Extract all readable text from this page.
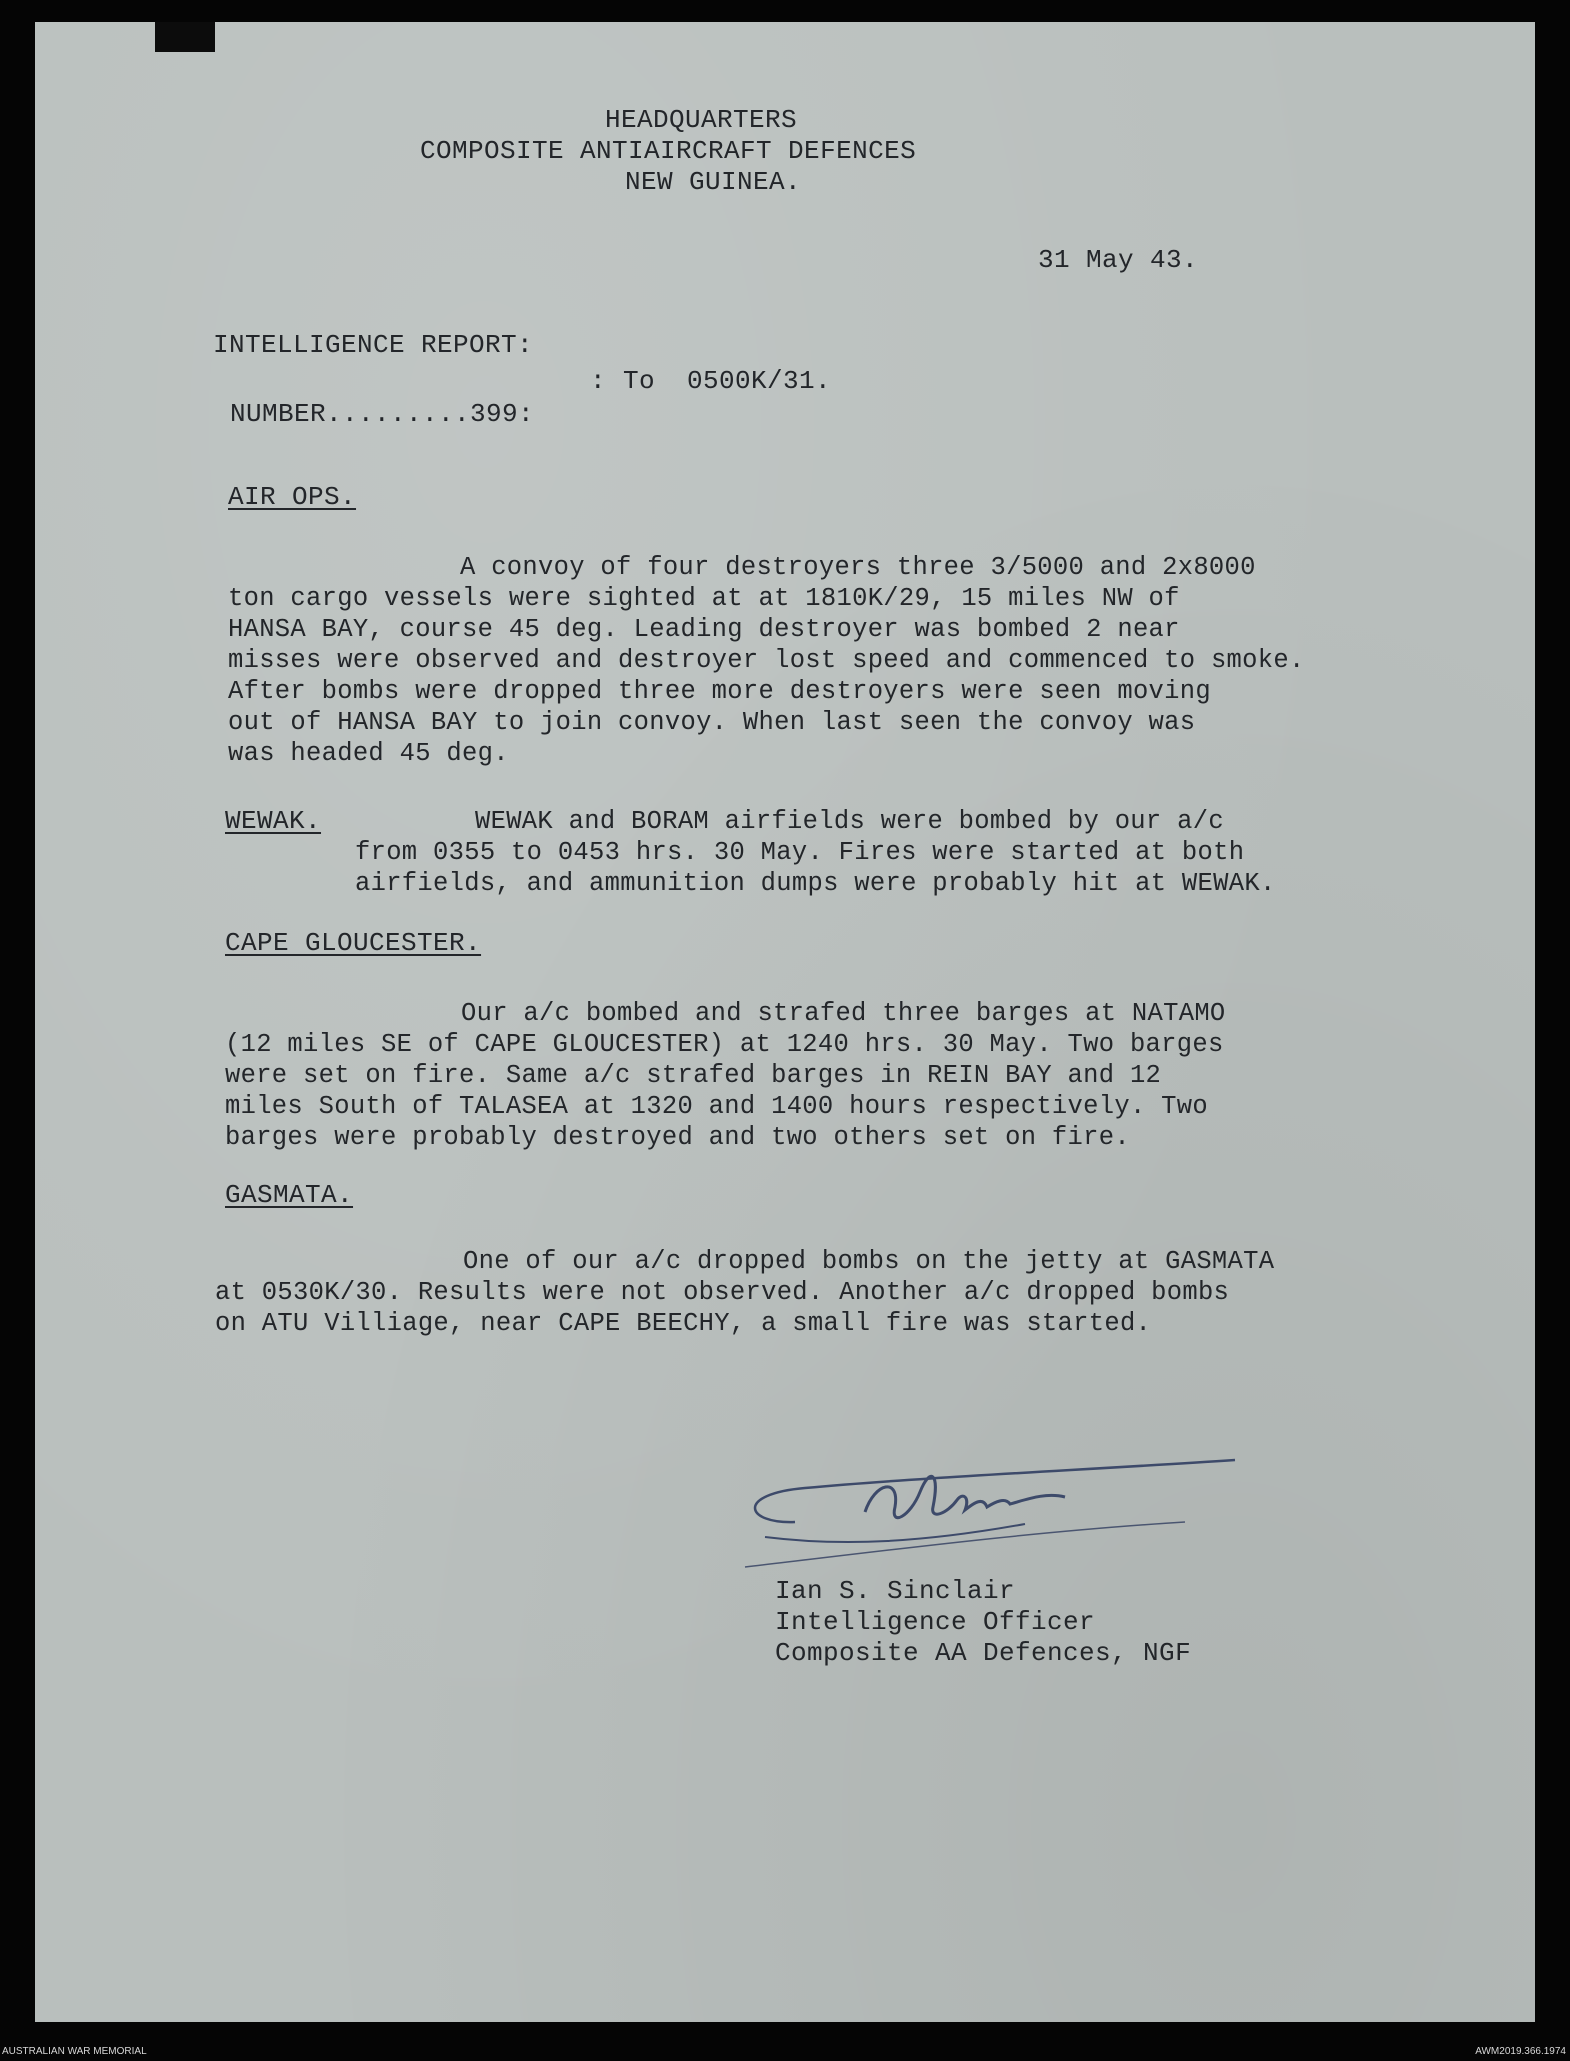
HEADQUARTERS
COMPOSITE ANTIAIRCRAFT DEFENCES
NEW GUINEA.
31 May 43.
INTELLIGENCE REPORT:
: To  0500K/31.
NUMBER.........399:
AIR OPS.
A convoy of four destroyers three 3/5000 and 2x8000
ton cargo vessels were sighted at at 1810K/29, 15 miles NW of
HANSA BAY, course 45 deg. Leading destroyer was bombed 2 near
misses were observed and destroyer lost speed and commenced to smoke.
After bombs were dropped three more destroyers were seen moving
out of HANSA BAY to join convoy. When last seen the convoy was
was headed 45 deg.
WEWAK.	WEWAK and BORAM airfields were bombed by our a/c
from 0355 to 0453 hrs. 30 May. Fires were started at both
airfields, and ammunition dumps were probably hit at WEWAK.
CAPE GLOUCESTER.
Our a/c bombed and strafed three barges at NATAMO
(12 miles SE of CAPE GLOUCESTER) at 1240 hrs. 30 May. Two barges
were set on fire. Same a/c strafed barges in REIN BAY and 12
miles South of TALASEA at 1320 and 1400 hours respectively. Two
barges were probably destroyed and two others set on fire.
GASMATA.
One of our a/c dropped bombs on the jetty at GASMATA
at 0530K/30. Results were not observed. Another a/c dropped bombs
on ATU Villiage, near CAPE BEECHY, a small fire was started.
Ian S. Sinclair
Intelligence Officer
Composite AA Defences, NGF
AUSTRALIAN WAR MEMORIAL	AWM2019.366.1974
